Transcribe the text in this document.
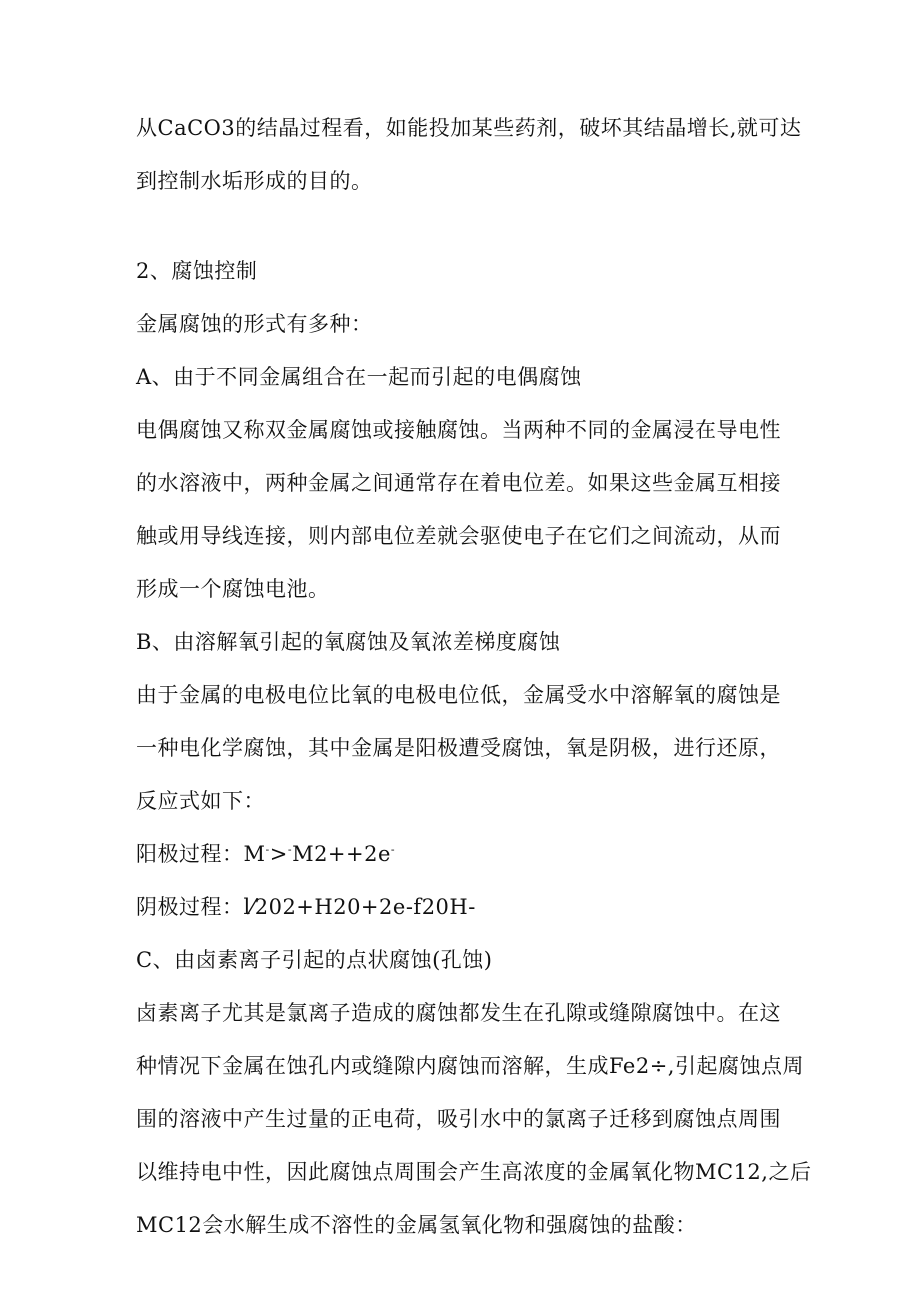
从CaCO3的结晶过程看，如能投加某些药剂，破坏其结晶增长,就可达

到控制水垢形成的目的。

2、腐蚀控制

金属腐蚀的形式有多种：

A、由于不同金属组合在一起而引起的电偶腐蚀

电偶腐蚀又称双金属腐蚀或接触腐蚀。当两种不同的金属浸在导电性

的水溶液中，两种金属之间通常存在着电位差。如果这些金属互相接

触或用导线连接，则内部电位差就会驱使电子在它们之间流动，从而

形成一个腐蚀电池。

B、由溶解氧引起的氧腐蚀及氧浓差梯度腐蚀

由于金属的电极电位比氧的电极电位低，金属受水中溶解氧的腐蚀是

一种电化学腐蚀，其中金属是阳极遭受腐蚀，氧是阴极，进行还原，

反应式如下：

阳极过程：M->-M2++2e-

阴极过程：l⁄202+H20+2e-f20H-

C、由卤素离子引起的点状腐蚀(孔蚀)

卤素离子尤其是氯离子造成的腐蚀都发生在孔隙或缝隙腐蚀中。在这

种情况下金属在蚀孔内或缝隙内腐蚀而溶解，生成Fe2÷,引起腐蚀点周

围的溶液中产生过量的正电荷，吸引水中的氯离子迁移到腐蚀点周围

以维持电中性，因此腐蚀点周围会产生高浓度的金属氧化物MC12,之后

MC12会水解生成不溶性的金属氢氧化物和强腐蚀的盐酸：
